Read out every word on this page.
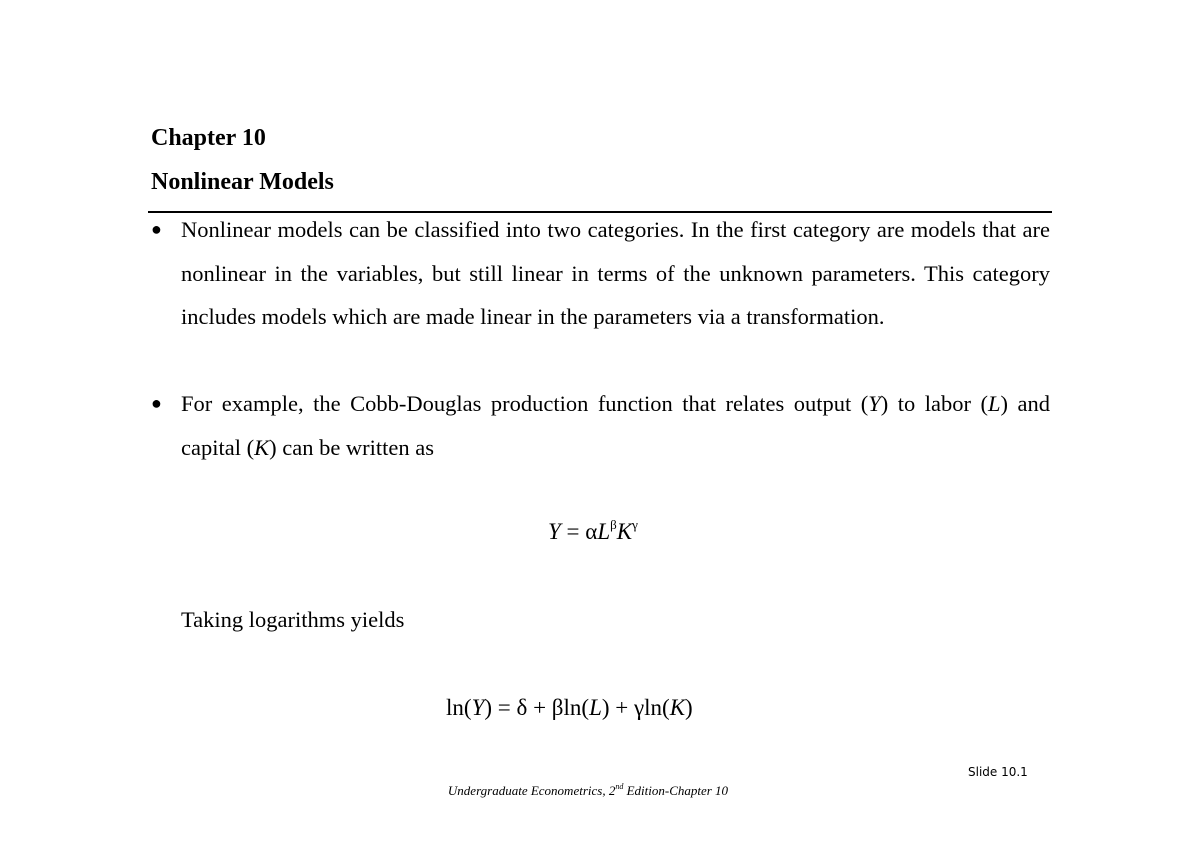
Chapter 10
Nonlinear Models
● Nonlinear models can be classified into two categories. In the first category are models that are nonlinear in the variables, but still linear in terms of the unknown parameters. This category includes models which are made linear in the parameters via a transformation.
● For example, the Cobb-Douglas production function that relates output (Y) to labor (L) and capital (K) can be written as
$Y = \alpha L^\beta K^\gamma$
Taking logarithms yields
ln(Y) = δ + βln(L) + γln(K)
Slide 10.1
Undergraduate Econometrics, 2nd Edition-Chapter 10
